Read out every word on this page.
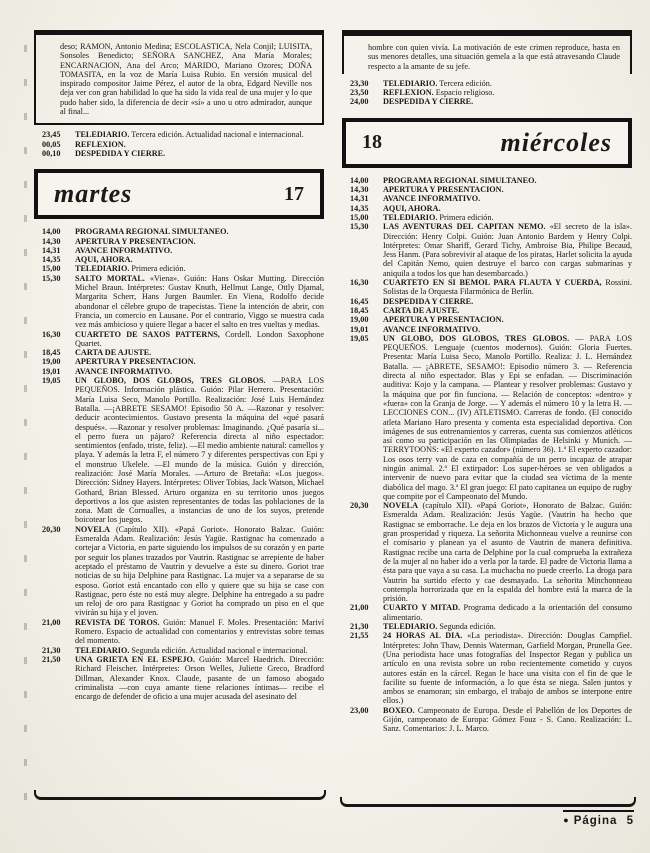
deso; RAMON, Antonio Medina; ESCOLASTICA, Nela Conjil; LUISITA, Sonsoles Benedicto; SEÑORA SANCHEZ, Ana María Morales; ENCARNACION, Ana del Arco; MARIDO, Mariano Ozores; DOÑA TOMASITA, en la voz de María Luisa Rubio. En versión musical del inspirado compositor Jaime Pérez, el autor de la obra, Edgard Neville nos deja ver con gran habilidad lo que ha sido la vida real de una mujer y lo que pudo haber sido, la diferencia de decir «sí» a uno u otro admirador, aunque al final...

23,45	TELEDIARIO. Tercera edición. Actualidad nacional e internacional.
00,05	REFLEXION.
00,10	DESPEDIDA Y CIERRE.
martes	17
14,00	PROGRAMA REGIONAL SIMULTANEO.
14,30	APERTURA Y PRESENTACION.
14,31	AVANCE INFORMATIVO.
14,35	AQUI, AHORA.
15,00	TELEDIARIO. Primera edición.
15,30	SALTO MORTAL. «Viena». Guión: Hans Oskar Mutting. Dirección Michel Braun. Intérpretes: Gustav Knuth, Hellmut Lange, Ottly Djamal, Margarita Scherr, Hans Jurgen Baumler. En Viena, Rodolfo decide abandonar el célebre grupo de trapecistas. Tiene la intención de abrir, con Francia, un comercio en Lausane. Por el contrario, Viggo se muestra cada vez más ambicioso y quiere llegar a hacer el salto en tres vueltas y medias.
16,30	CUARTETO DE SAXOS PATTERNS, Cordell. London Saxophone Quartet.
18,45	CARTA DE AJUSTE.
19,00	APERTURA Y PRESENTACION.
19,01	AVANCE INFORMATIVO.
19,05	UN GLOBO, DOS GLOBOS, TRES GLOBOS. —PARA LOS PEQUEÑOS. Información plástica. Guión: Pilar Herrero. Presentación: María Luisa Seco, Manolo Portillo. Realización: José Luis Hernández Batalla. —¡ABRETE SESAMO! Episodio 50 A. —Razonar y resolver: deducir acontecimientos. Gustavo presenta la máquina del «qué pasará después». —Razonar y resolver problemas: Imaginando. ¿Qué pasaría si... el perro fuera un pájaro? Referencia directa al niño espectador: sentimientos (enfado, triste, feliz). —El medio ambiente natural: camellos y playa. Y además la letra F, el número 7 y diferentes perspectivas con Epi y el monstruo Ukelele. —El mundo de la música. Guión y dirección, realización: José María Morales. —Arturo de Bretaña: «Los juegos». Dirección: Sidney Hayers. Intérpretes: Oliver Tobias, Jack Watson, Michael Gothard, Brian Blessed. Arturo organiza en su territorio unos juegos deportivos a los que asisten representantes de todas las poblaciones de la zona. Matt de Cornualles, a instancias de uno de los suyos, pretende boicotear los juegos.
20,30	NOVELA (Capítulo XII). «Papá Goriot». Honorato Balzac. Guión: Esmeralda Adam. Realización: Jesús Yagüe. Rastignac ha comenzado a cortejar a Victoria, en parte siguiendo los impulsos de su corazón y en parte por seguir los planes trazados por Vautrin. Rastignac se arrepiente de haber aceptado el préstamo de Vautrin y devuelve a éste su dinero. Goriot trae noticias de su hija Delphine para Rastignac. La mujer va a separarse de su esposo. Goriot está encantado con ello y quiere que su hija se case con Rastignac, pero éste no está muy alegre. Delphine ha entregado a su padre un reloj de oro para Rastignac y Goriot ha comprado un piso en el que vivirán su hija y el joven.
21,00	REVISTA DE TOROS. Guión: Manuel F. Moles. Presentación: Mariví Romero. Espacio de actualidad con comentarios y entrevistas sobre temas del momento.
21,30	TELEDIARIO. Segunda edición. Actualidad nacional e internacional.
21,50	UNA GRIETA EN EL ESPEJO. Guión: Marcel Haedrich. Dirección: Richard Fleischer. Intérpretes: Orson Welles, Juliette Greco, Bradford Dillman, Alexander Knox. Claude, pasante de un famoso abogado criminalista —con cuya amante tiene relaciones íntimas— recibe el encargo de defender de oficio a una mujer acusada del asesinato del

hombre con quien vivía. La motivación de este crimen reproduce, hasta en sus menores detalles, una situación gemela a la que está atravesando Claude respecto a la amante de su jefe.

23,30	TELEDIARIO. Tercera edición.
23,50	REFLEXION. Espacio religioso.
24,00	DESPEDIDA Y CIERRE.
miércoles
18
14,00	PROGRAMA REGIONAL SIMULTANEO.
14,30	APERTURA Y PRESENTACION.
14,31	AVANCE INFORMATIVO.
14,35	AQUI, AHORA.
15,00	TELEDIARIO. Primera edición.
15,30	LAS AVENTURAS DEL CAPITAN NEMO. «El secreto de la isla». Dirección: Henry Colpi. Guión: Juan Antonio Bardem y Henry Colpi. Intérpretes: Omar Shariff, Gerard Tichy, Ambroise Bia, Philipe Becaud, Jess Hanm. (Para sobrevivir al ataque de los piratas, Harlet solicita la ayuda del Capitán Nemo, quien destruye el barco con cargas submarinas y aniquila a todos los que han desembarcado.)
16,30	CUARTETO EN SI BEMOL PARA FLAUTA Y CUERDA, Rossini. Solistas de la Orquesta Filarmónica de Berlín.
16,45	DESPEDIDA Y CIERRE.
18,45	CARTA DE AJUSTE.
19,00	APERTURA Y PRESENTACION.
19,01	AVANCE INFORMATIVO.
19,05	UN GLOBO, DOS GLOBOS, TRES GLOBOS. — PARA LOS PEQUEÑOS. Lenguaje (cuentos modernos). Guión: Gloria Fuertes. Presenta: María Luisa Seco, Manolo Portillo. Realiza: J. L. Hernández Batalla. — ¡ABRETE, SESAMO!: Episodio número 3. — Referencia directa al niño espectador. Blas y Epi se enfadan. — Discriminación auditiva: Kojo y la campana. — Plantear y resolver problemas: Gustavo y la máquina que por fin funciona. — Relación de conceptos: «dentro» y «fuera» con la Granja de Jorge. — Y además el número 10 y la letra H. — LECCIONES CON... (IV) ATLETISMO. Carreras de fondo. (El conocido atleta Mariano Haro presenta y comenta esta especialidad deportiva. Con imágenes de sus entrenamientos y carreras, cuenta sus comienzos atléticos así como su participación en las Olimpiadas de Helsinki y Munich. — TERRYTOONS: «El experto cazador» (número 36). 1.ª El experto cazador: Los osos terry van de caza en compañía de un perro incapaz de atrapar ningún animal. 2.ª El extirpador: Los super-héroes se ven obligados a intervenir de nuevo para evitar que la ciudad sea víctima de la mente diabólica del mago. 3.ª El gran juego: El pato capitanea un equipo de rugby que compite por el Campeonato del Mundo.
20,30	NOVELA (capítulo XII). «Papá Goriot», Honorato de Balzac. Guión: Esmeralda Adam. Realización: Jesús Yagüe. (Vautrin ha hecho que Rastignac se emborrache. Le deja en los brazos de Victoria y le augura una gran prosperidad y riqueza. La señorita Michonneau vuelve a reunirse con el comisario y planean ya el asunto de Vautrin de manera definitiva. Rastignac recibe una carta de Delphine por la cual comprueba la extrañeza de la mujer al no haber ido a verla por la tarde. El padre de Victoria llama a ésta para que vaya a su casa. La muchacha no puede creerlo. La droga para Vautrin ha surtido efecto y cae desmayado. La señorita Minchonneau contempla horrorizada que en la espalda del hombre está la marca de la prisión.
21,00	CUARTO Y MITAD. Programa dedicado a la orientación del consumo alimentario.
21,30	TELEDIARIO. Segunda edición.
21,55	24 HORAS AL DIA. «La periodista». Dirección: Douglas Campfiel. Intérpretes: John Thaw, Dennis Waterman, Garfield Morgan, Prunella Gee. (Una periodista hace unas fotografías del Inspector Regan y publica un artículo en una revista sobre un robo recientemente cometido y cuyos autores están en la cárcel. Regan le hace una visita con el fin de que le facilite su fuente de información, a lo que ésta se niega. Salen juntos y ambos se enamoran; sin embargo, el trabajo de ambos se interpone entre ellos.)
23,00	BOXEO. Campeonato de Europa. Desde el Pabellón de los Deportes de Gijón, campeonato de Europa: Gómez Fouz - S. Cano. Realización: L. Sanz. Comentarios: J. L. Marco.
● Página 5
